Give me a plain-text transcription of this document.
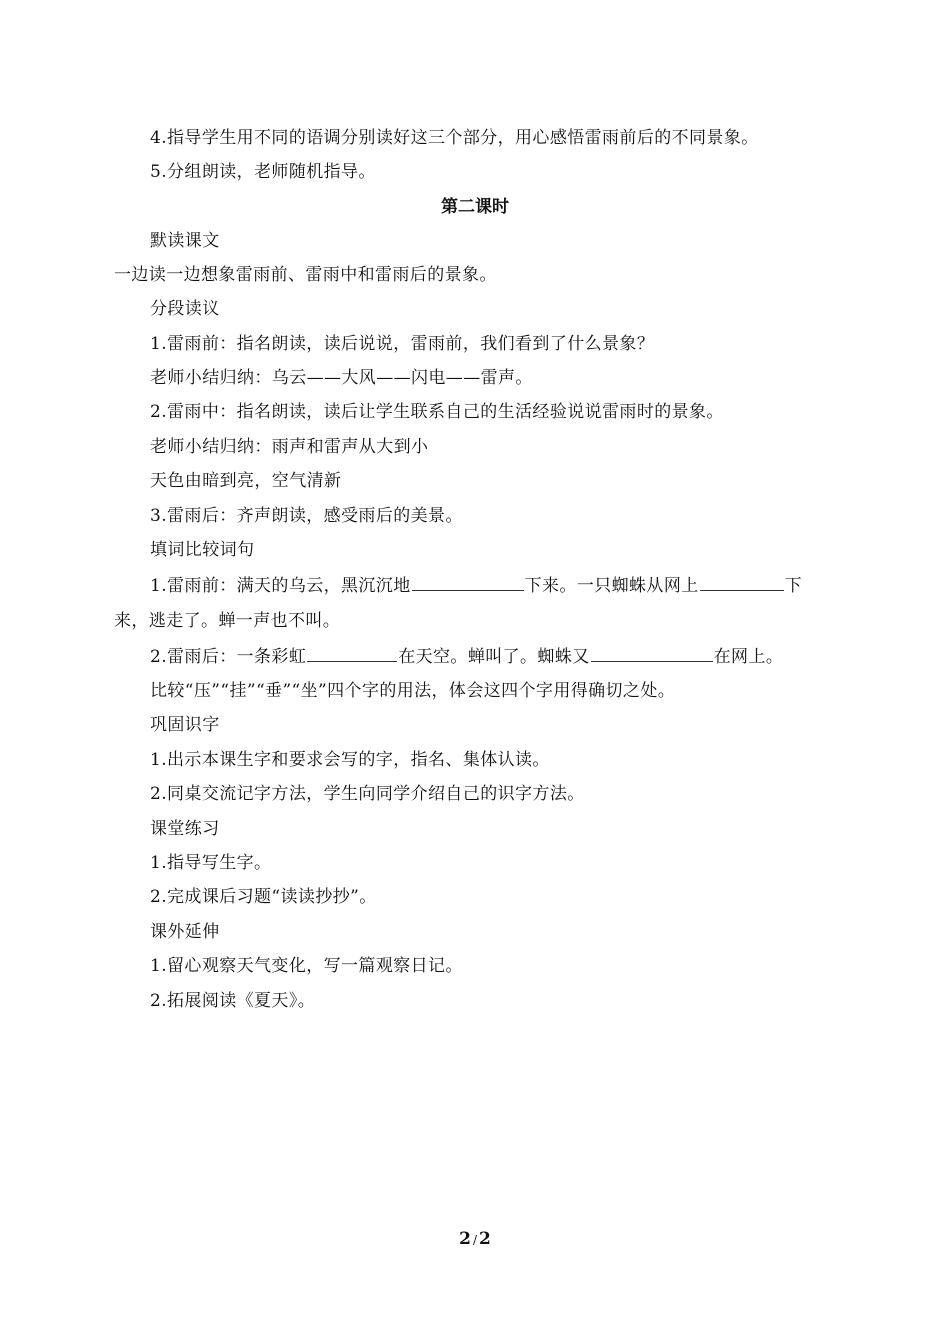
4.指导学生用不同的语调分别读好这三个部分，用心感悟雷雨前后的不同景象。
5.分组朗读，老师随机指导。
第二课时
默读课文
一边读一边想象雷雨前、雷雨中和雷雨后的景象。
分段读议
1.雷雨前：指名朗读，读后说说，雷雨前，我们看到了什么景象？
老师小结归纳：乌云——大风——闪电——雷声。
2.雷雨中：指名朗读，读后让学生联系自己的生活经验说说雷雨时的景象。
老师小结归纳：雨声和雷声从大到小
天色由暗到亮，空气清新
3.雷雨后：齐声朗读，感受雨后的美景。
填词比较词句
1.雷雨前：满天的乌云，黑沉沉地	下来。一只蜘蛛从网上	下
来，逃走了。蝉一声也不叫。
2.雷雨后：一条彩虹	在天空。蝉叫了。蜘蛛又	在网上。
比较“压”“挂”“垂”“坐”四个字的用法，体会这四个字用得确切之处。
巩固识字
1.出示本课生字和要求会写的字，指名、集体认读。
2.同桌交流记字方法，学生向同学介绍自己的识字方法。
课堂练习
1.指导写生字。
2.完成课后习题“读读抄抄”。
课外延伸
1.留心观察天气变化，写一篇观察日记。
2.拓展阅读《夏天》。
2 / 2
